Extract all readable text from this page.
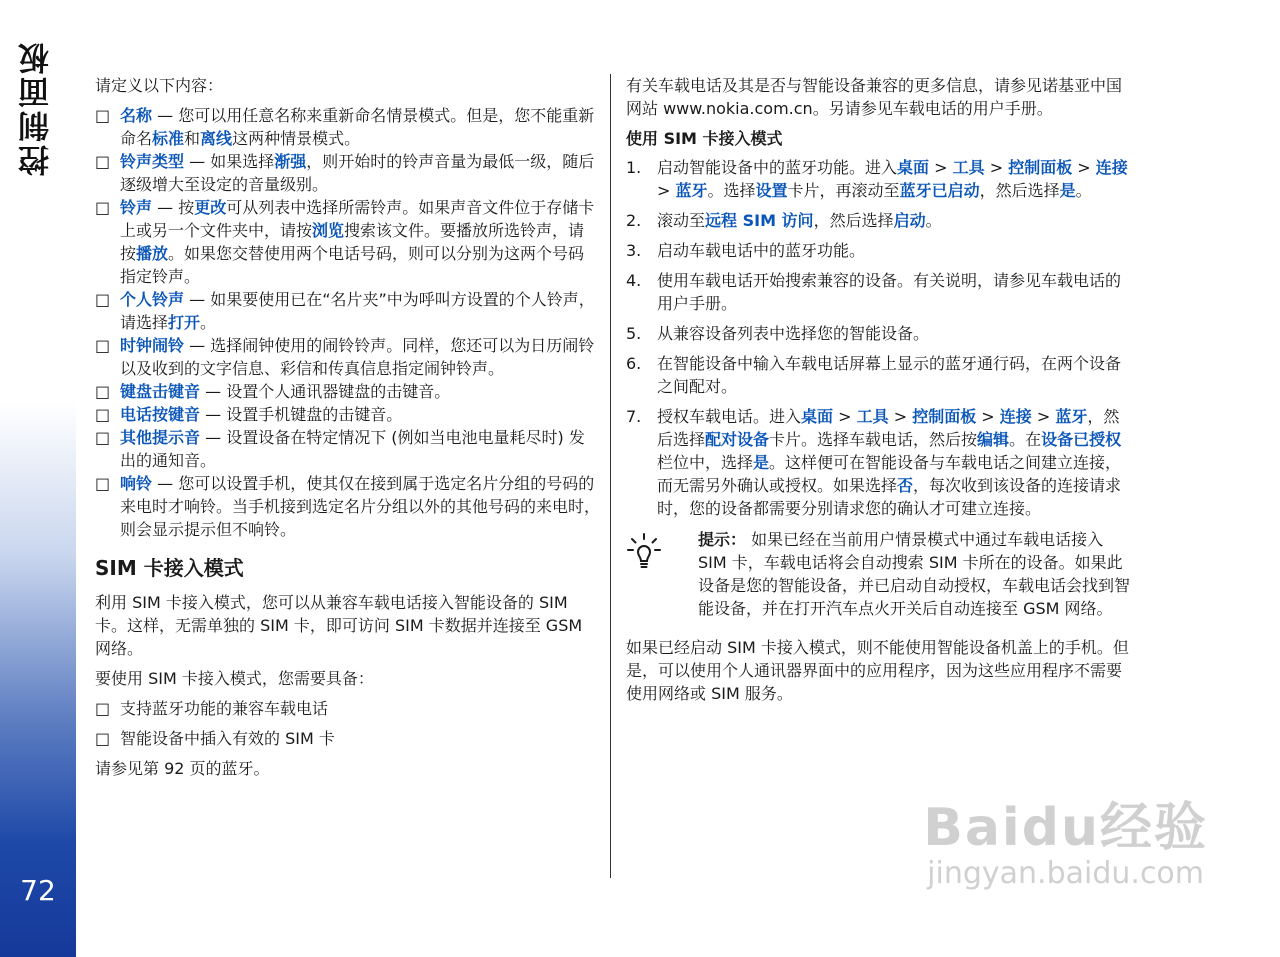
控制面板
72

请定义以下内容：

□ 名称 — 您可以用任意名称来重新命名情景模式。但是，您不能重新命名标准和离线这两种情景模式。
□ 铃声类型 — 如果选择渐强，则开始时的铃声音量为最低一级，随后逐级增大至设定的音量级别。
□ 铃声 — 按更改可从列表中选择所需铃声。如果声音文件位于存储卡上或另一个文件夹中，请按浏览搜索该文件。要播放所选铃声，请按播放。如果您交替使用两个电话号码，则可以分别为这两个号码指定铃声。
□ 个人铃声 — 如果要使用已在“名片夹”中为呼叫方设置的个人铃声，请选择打开。
□ 时钟闹铃 — 选择闹钟使用的闹铃铃声。同样，您还可以为日历闹铃以及收到的文字信息、彩信和传真信息指定闹钟铃声。
□ 键盘击键音 — 设置个人通讯器键盘的击键音。
□ 电话按键音 — 设置手机键盘的击键音。
□ 其他提示音 — 设置设备在特定情况下 (例如当电池电量耗尽时) 发出的通知音。
□ 响铃 — 您可以设置手机，使其仅在接到属于选定名片分组的号码的来电时才响铃。当手机接到选定名片分组以外的其他号码的来电时，则会显示提示但不响铃。
SIM 卡接入模式

利用 SIM 卡接入模式，您可以从兼容车载电话接入智能设备的 SIM 卡。这样，无需单独的 SIM 卡，即可访问 SIM 卡数据并连接至 GSM 网络。

要使用 SIM 卡接入模式，您需要具备：

□ 支持蓝牙功能的兼容车载电话
□ 智能设备中插入有效的 SIM 卡

请参见第 92 页的蓝牙。

有关车载电话及其是否与智能设备兼容的更多信息，请参见诺基亚中国网站 www.nokia.com.cn。另请参见车载电话的用户手册。

使用 SIM 卡接入模式
1. 启动智能设备中的蓝牙功能。进入桌面 > 工具 > 控制面板 > 连接 > 蓝牙。选择设置卡片，再滚动至蓝牙已启动，然后选择是。
2. 滚动至远程 SIM 访问，然后选择启动。
3. 启动车载电话中的蓝牙功能。
4. 使用车载电话开始搜索兼容的设备。有关说明，请参见车载电话的用户手册。
5. 从兼容设备列表中选择您的智能设备。
6. 在智能设备中输入车载电话屏幕上显示的蓝牙通行码，在两个设备之间配对。
7. 授权车载电话。进入桌面 > 工具 > 控制面板 > 连接 > 蓝牙，然后选择配对设备卡片。选择车载电话，然后按编辑。在设备已授权栏位中，选择是。这样便可在智能设备与车载电话之间建立连接，而无需另外确认或授权。如果选择否，每次收到该设备的连接请求时，您的设备都需要分别请求您的确认才可建立连接。
提示： 如果已经在当前用户情景模式中通过车载电话接入 SIM 卡，车载电话将会自动搜索 SIM 卡所在的设备。如果此设备是您的智能设备，并已启动自动授权，车载电话会找到智能设备，并在打开汽车点火开关后自动连接至 GSM 网络。

如果已经启动 SIM 卡接入模式，则不能使用智能设备机盖上的手机。但是，可以使用个人通讯器界面中的应用程序，因为这些应用程序不需要使用网络或 SIM 服务。

Baidu经验
jingyan.baidu.com
